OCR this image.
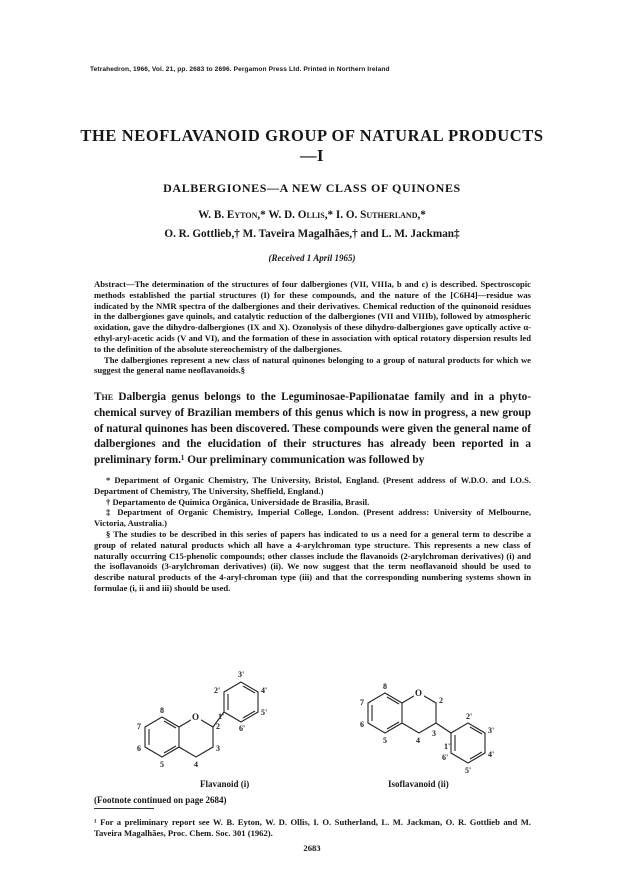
Tetrahedron, 1966, Vol. 21, pp. 2683 to 2696. Pergamon Press Ltd. Printed in Northern Ireland
THE NEOFLAVANOID GROUP OF NATURAL PRODUCTS—I
DALBERGIONES—A NEW CLASS OF QUINONES
W. B. Eyton,* W. D. Ollis,* I. O. Sutherland,*
O. R. Gottlieb,† M. Taveira Magalhães,† and L. M. Jackman‡
(Received 1 April 1965)

Abstract—The determination of the structures of four dalbergiones (VII, VIIIa, b and c) is described. Spectroscopic methods established the partial structures (I) for these compounds, and the nature of the [C6H4]—residue was indicated by the NMR spectra of the dalbergiones and their derivatives. Chemical reduction of the quinonoid residues in the dalbergiones gave quinols, and catalytic reduction of the dalbergiones (VII and VIIIb), followed by atmospheric oxidation, gave the dihydro-dalbergiones (IX and X). Ozonolysis of these dihydro-dalbergiones gave optically active α-ethyl-aryl-acetic acids (V and VI), and the formation of these in association with optical rotatory dispersion results led to the definition of the absolute stereochemistry of the dalbergiones.

The dalbergiones represent a new class of natural quinones belonging to a group of natural products for which we suggest the general name neoflavanoids.§

The Dalbergia genus belongs to the Leguminosae-Papilionatae family and in a phyto-chemical survey of Brazilian members of this genus which is now in progress, a new group of natural quinones has been discovered. These compounds were given the general name of dalbergiones and the elucidation of their structures has already been reported in a preliminary form.¹ Our preliminary communication was followed by

* Department of Organic Chemistry, The University, Bristol, England. (Present address of W.D.O. and I.O.S. Department of Chemistry, The University, Sheffield, England.)

† Departamento de Química Orgânica, Universidade de Brasilia, Brasil.

‡ Department of Organic Chemistry, Imperial College, London. (Present address: University of Melbourne, Victoria, Australia.)

§ The studies to be described in this series of papers has indicated to us a need for a general term to describe a group of related natural products which all have a 4-arylchroman type structure. This represents a new class of naturally occurring C15-phenolic compounds; other classes include the flavanoids (2-arylchroman derivatives) (i) and the isoflavanoids (3-arylchroman derivatives) (ii). We now suggest that the term neoflavanoid should be used to describe natural products of the 4-aryl-chroman type (iii) and that the corresponding numbering systems shown in formulae (i, ii and iii) should be used.

O
2
3
4
5
6
7
8
1'
2'
3'
4'
5'
6'
O
2
3
4
5
6
7
8
1'
2'
3'
4'
5'
6'
Flavanoid (i)	Isoflavanoid (ii)
(Footnote continued on page 2684)

¹ For a preliminary report see W. B. Eyton, W. D. Ollis, I. O. Sutherland, L. M. Jackman, O. R. Gottlieb and M. Taveira Magalhães, Proc. Chem. Soc. 301 (1962).

2683
